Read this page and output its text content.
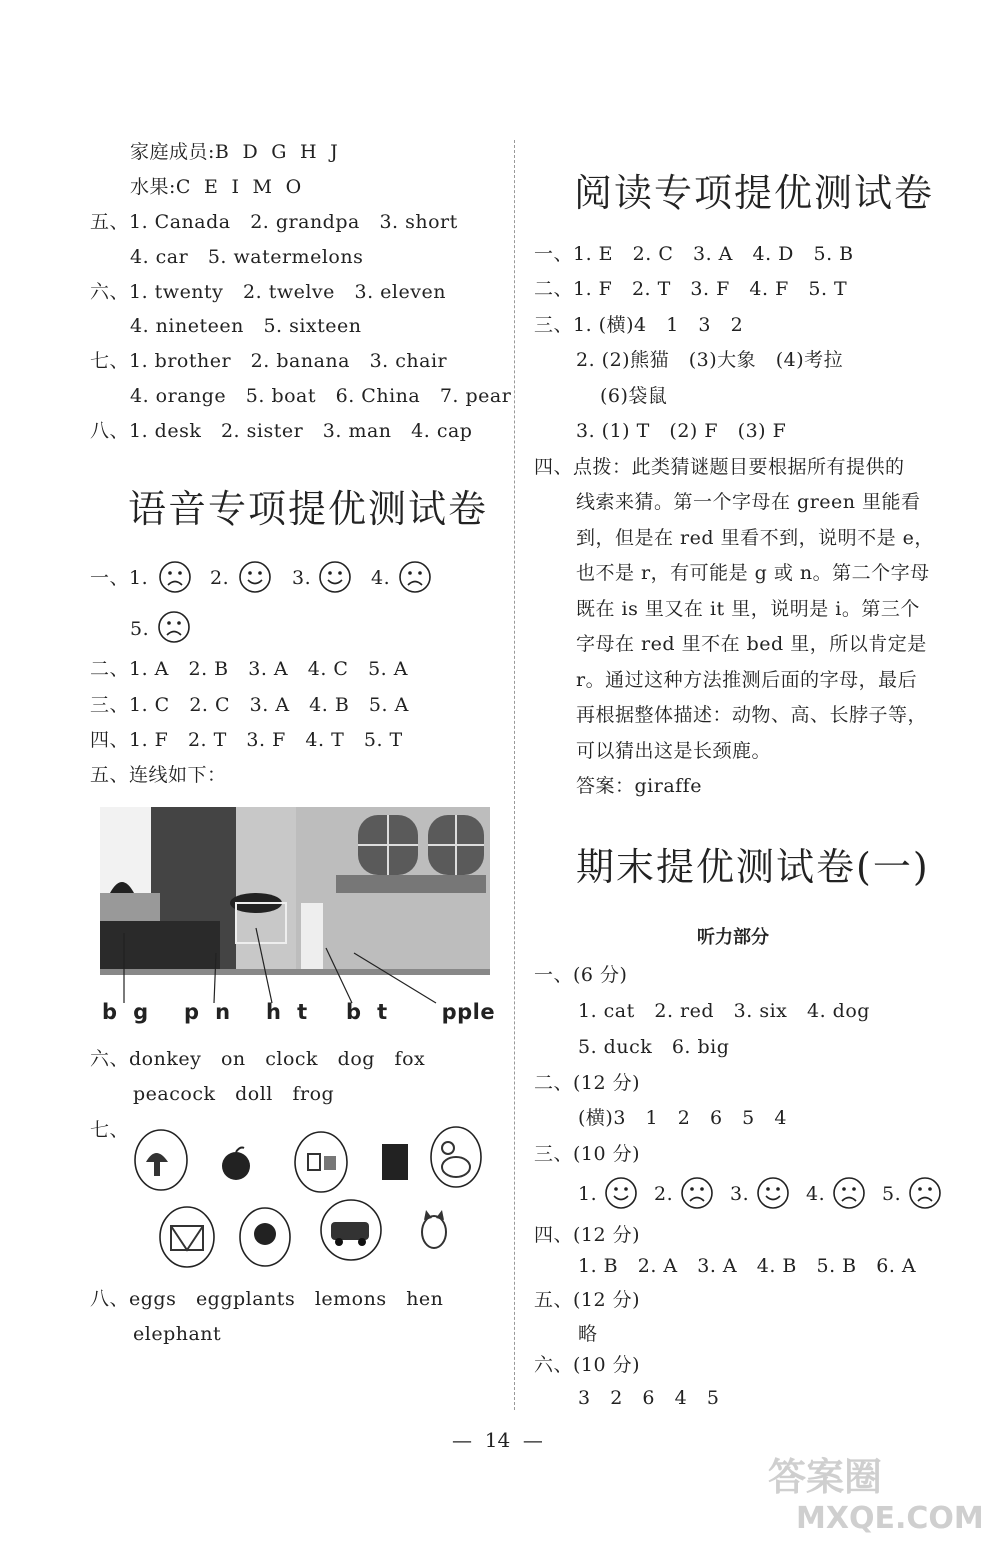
家庭成员:B  D  G  H  J
水果:C  E  I  M  O
五、1. Canada   2. grandpa   3. short
4. car   5. watermelons
六、1. twenty   2. twelve   3. eleven
4. nineteen   5. sixteen
七、1. brother   2. banana   3. chair
4. orange   5. boat   6. China   7. pear
八、1. desk   2. sister   3. man   4. cap
语音专项提优测试卷
一、1.	2.	3.	4.
5.
二、1. A   2. B   3. A   4. C   5. A
三、1. C   2. C   3. A   4. B   5. A
四、1. F   2. T   3. F   4. T   5. T
五、连线如下：
b  g p  n h  t b  t pple
六、donkey   on   clock   dog   fox
peacock   doll   frog
七、
八、eggs   eggplants   lemons   hen
elephant
阅读专项提优测试卷
一、1. E   2. C   3. A   4. D   5. B
二、1. F   2. T   3. F   4. F   5. T
三、1. (横)4   1   3   2
2. (2)熊猫   (3)大象   (4)考拉
(6)袋鼠
3. (1) T   (2) F   (3) F
四、点拨：此类猜谜题目要根据所有提供的
线索来猜。第一个字母在 green 里能看
到，但是在 red 里看不到，说明不是 e，
也不是 r，有可能是 g 或 n。第二个字母
既在 is 里又在 it 里，说明是 i。第三个
字母在 red 里不在 bed 里，所以肯定是
r。通过这种方法推测后面的字母，最后
再根据整体描述：动物、高、长脖子等，
可以猜出这是长颈鹿。
答案：giraffe
期末提优测试卷(一)
听力部分
一、(6 分)
1. cat   2. red   3. six   4. dog
5. duck   6. big
二、(12 分)
(横)3   1   2   6   5   4
三、(10 分)
1.	2.	3.	4.	5.
四、(12 分)
1. B   2. A   3. A   4. B   5. B   6. A
五、(12 分)
略
六、(10 分)
3   2   6   4   5
—  14  —
答案圈
MXQE.COM
